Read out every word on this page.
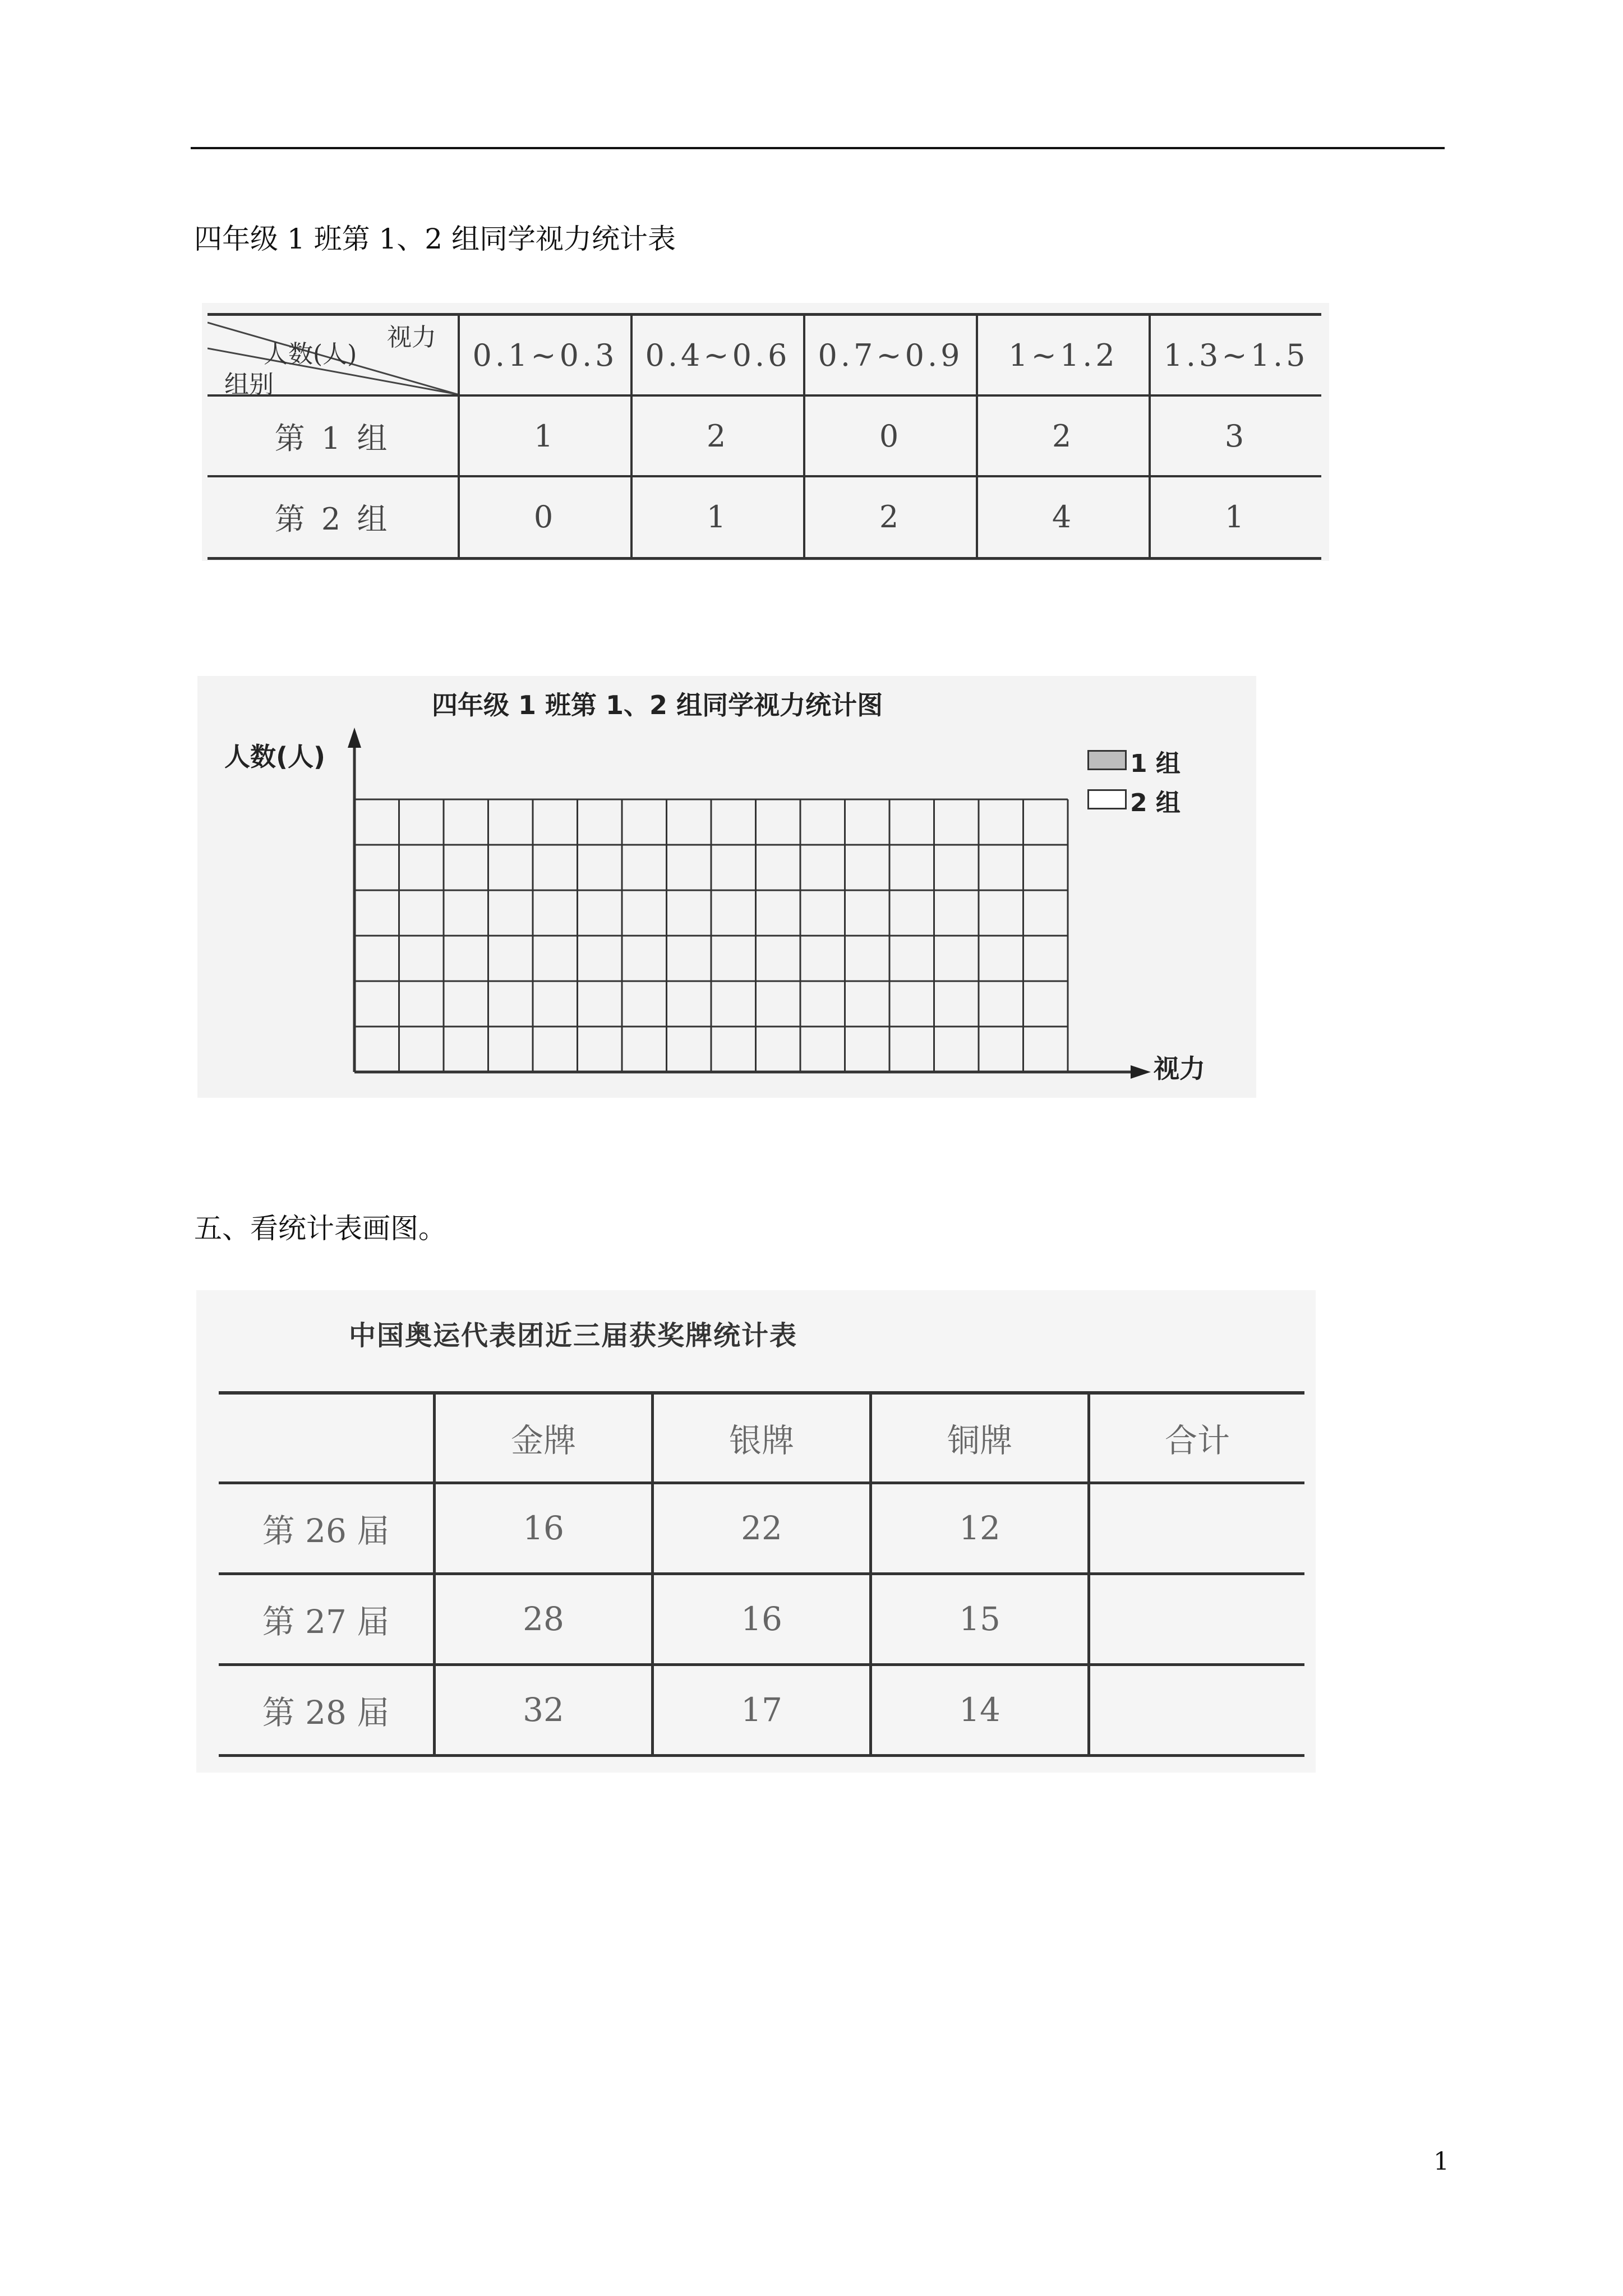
四年级 1 班第 1、2 组同学视力统计表
视力
人数(人)
组别	0.1~0.3	0.4~0.6	0.7~0.9	1~1.2	1.3~1.5
第 1 组	1	2	0	2	3
第 2 组	0	1	2	4	1
四年级 1 班第 1、2 组同学视力统计图
人数(人)
视力
1 组
2 组
五、看统计表画图。
中国奥运代表团近三届获奖牌统计表
	金牌	银牌	铜牌	合计
第 26 届	16	22	12	
第 27 届	28	16	15	
第 28 届	32	17	14	
1
